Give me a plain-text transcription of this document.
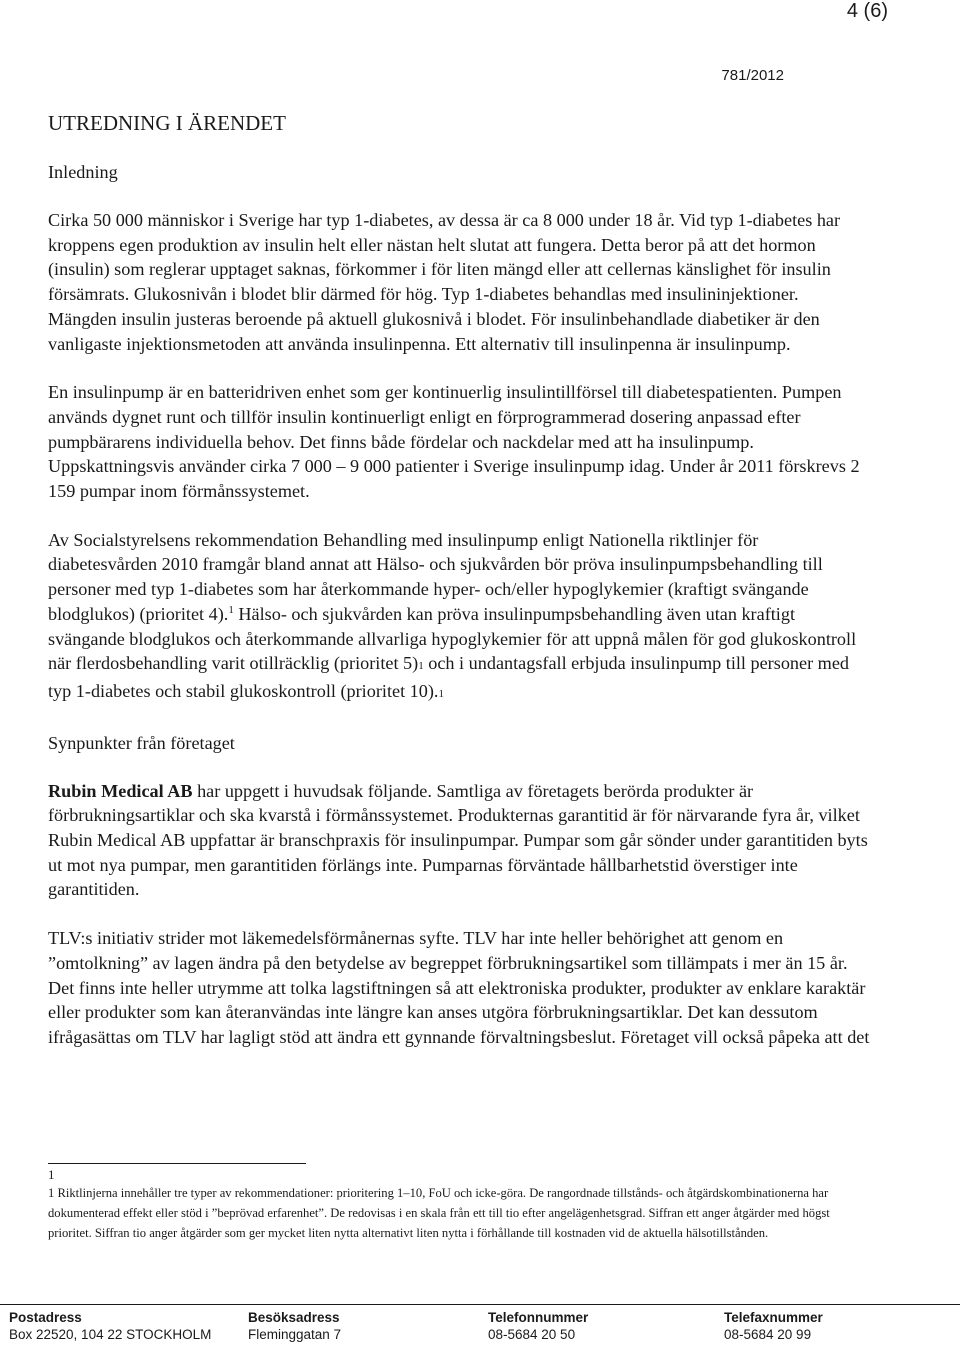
4 (6)
781/2012
UTREDNING I ÄRENDET
Inledning

Cirka 50 000 människor i Sverige har typ 1-diabetes, av dessa är ca 8 000 under 18 år. Vid typ 1-diabetes har kroppens egen produktion av insulin helt eller nästan helt slutat att fungera. Detta beror på att det hormon (insulin) som reglerar upptaget saknas, förkommer i för liten mängd eller att cellernas känslighet för insulin försämrats. Glukosnivån i blodet blir därmed för hög. Typ 1-diabetes behandlas med insulininjektioner. Mängden insulin justeras beroende på aktuell glukosnivå i blodet. För insulinbehandlade diabetiker är den vanligaste injektionsmetoden att använda insulinpenna. Ett alternativ till insulinpenna är insulinpump.

En insulinpump är en batteridriven enhet som ger kontinuerlig insulintillförsel till diabetespatienten. Pumpen används dygnet runt och tillför insulin kontinuerligt enligt en förprogrammerad dosering anpassad efter pumpbärarens individuella behov. Det finns både fördelar och nackdelar med att ha insulinpump. Uppskattningsvis använder cirka 7 000 – 9 000 patienter i Sverige insulinpump idag. Under år 2011 förskrevs 2 159 pumpar inom förmånssystemet.

Av Socialstyrelsens rekommendation Behandling med insulinpump enligt Nationella riktlinjer för diabetesvården 2010 framgår bland annat att Hälso- och sjukvården bör pröva insulinpumpsbehandling till personer med typ 1-diabetes som har återkommande hyper- och/eller hypoglykemier (kraftigt svängande blodglukos) (prioritet 4).$^1$ Hälso- och sjukvården kan pröva insulinpumpsbehandling även utan kraftigt svängande blodglukos och återkommande allvarliga hypoglykemier för att uppnå målen för god glukoskontroll när flerdosbehandling varit otillräcklig (prioritet 5)1 och i undantagsfall erbjuda insulinpump till personer med typ 1-diabetes och stabil glukoskontroll (prioritet 10).1

Synpunkter från företaget

Rubin Medical AB har uppgett i huvudsak följande. Samtliga av företagets berörda produkter är förbrukningsartiklar och ska kvarstå i förmånssystemet. Produkternas garantitid är för närvarande fyra år, vilket Rubin Medical AB uppfattar är branschpraxis för insulinpumpar. Pumpar som går sönder under garantitiden byts ut mot nya pumpar, men garantitiden förlängs inte. Pumparnas förväntade hållbarhetstid överstiger inte garantitiden.

TLV:s initiativ strider mot läkemedelsförmånernas syfte. TLV har inte heller behörighet att genom en ”omtolkning” av lagen ändra på den betydelse av begreppet förbrukningsartikel som tillämpats i mer än 15 år. Det finns inte heller utrymme att tolka lagstiftningen så att elektroniska produkter, produkter av enklare karaktär eller produkter som kan återanvändas inte längre kan anses utgöra förbrukningsartiklar. Det kan dessutom ifrågasättas om TLV har lagligt stöd att ändra ett gynnande förvaltningsbeslut. Företaget vill också påpeka att det

1
1 Riktlinjerna innehåller tre typer av rekommendationer: prioritering 1–10, FoU och icke-göra. De rangordnade tillstånds- och åtgärdskombinationerna har dokumenterad effekt eller stöd i ”beprövad erfarenhet”. De redovisas i en skala från ett till tio efter angelägenhetsgrad. Siffran ett anger åtgärder med högst prioritet. Siffran tio anger åtgärder som ger mycket liten nytta alternativt liten nytta i förhållande till kostnaden vid de aktuella hälsotillstånden.
Postadress
Box 22520, 104 22 STOCKHOLM
Besöksadress
Fleminggatan 7
Telefonnummer
08-5684 20 50
Telefaxnummer
08-5684 20 99
